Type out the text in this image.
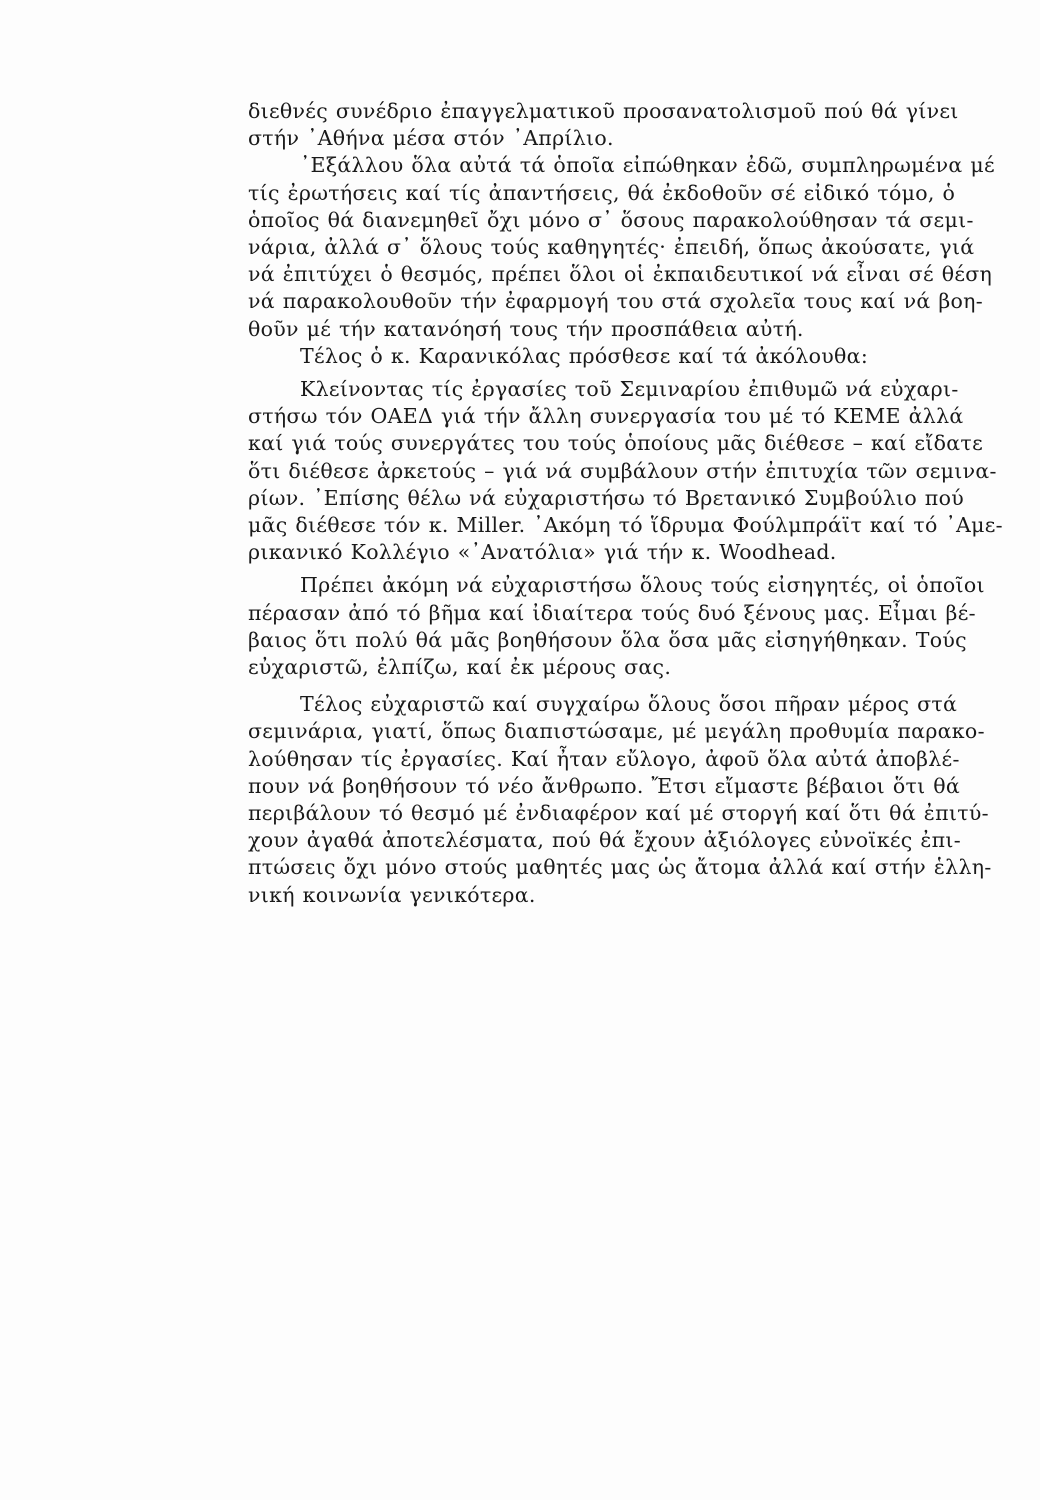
διεθνές συνέδριο ἐπαγγελματικοῦ προσανατολισμοῦ πού θά γίνει
στήν ᾽Αθήνα μέσα στόν ᾽Απρίλιο.
᾽Εξάλλου ὅλα αὐτά τά ὁποῖα εἰπώθηκαν ἐδῶ, συμπληρωμένα μέ
τίς ἐρωτήσεις καί τίς ἀπαντήσεις, θά ἐκδοθοῦν σέ εἰδικό τόμο, ὁ
ὁποῖος θά διανεμηθεῖ ὄχι μόνο σ᾽ ὅσους παρακολούθησαν τά σεμι-
νάρια, ἀλλά σ᾽ ὅλους τούς καθηγητές· ἐπειδή, ὅπως ἀκούσατε, γιά
νά ἐπιτύχει ὁ θεσμός, πρέπει ὅλοι οἱ ἐκπαιδευτικοί νά εἶναι σέ θέση
νά παρακολουθοῦν τήν ἐφαρμογή του στά σχολεῖα τους καί νά βοη-
θοῦν μέ τήν κατανόησή τους τήν προσπάθεια αὐτή.
Τέλος ὁ κ. Καρανικόλας πρόσθεσε καί τά ἀκόλουθα:
Κλείνοντας τίς ἐργασίες τοῦ Σεμιναρίου ἐπιθυμῶ νά εὐχαρι-
στήσω τόν ΟΑΕΔ γιά τήν ἄλλη συνεργασία του μέ τό ΚΕΜΕ ἀλλά
καί γιά τούς συνεργάτες του τούς ὁποίους μᾶς διέθεσε – καί εἴδατε
ὅτι διέθεσε ἀρκετούς – γιά νά συμβάλουν στήν ἐπιτυχία τῶν σεμινα-
ρίων. ᾽Επίσης θέλω νά εὐχαριστήσω τό Βρετανικό Συμβούλιο πού
μᾶς διέθεσε τόν κ. Miller. ᾽Ακόμη τό ἵδρυμα Φούλμπράϊτ καί τό ᾽Αμε-
ρικανικό Κολλέγιο «᾽Ανατόλια» γιά τήν κ. Woodhead.
Πρέπει ἀκόμη νά εὐχαριστήσω ὅλους τούς εἰσηγητές, οἱ ὁποῖοι
πέρασαν ἀπό τό βῆμα καί ἰδιαίτερα τούς δυό ξένους μας. Εἶμαι βέ-
βαιος ὅτι πολύ θά μᾶς βοηθήσουν ὅλα ὅσα μᾶς εἰσηγήθηκαν. Τούς
εὐχαριστῶ, ἐλπίζω, καί ἐκ μέρους σας.
Τέλος εὐχαριστῶ καί συγχαίρω ὅλους ὅσοι πῆραν μέρος στά
σεμινάρια, γιατί, ὅπως διαπιστώσαμε, μέ μεγάλη προθυμία παρακο-
λούθησαν τίς ἐργασίες. Καί ἦταν εὔλογο, ἀφοῦ ὅλα αὐτά ἀποβλέ-
πουν νά βοηθήσουν τό νέο ἄνθρωπο. Ἔτσι εἴμαστε βέβαιοι ὅτι θά
περιβάλουν τό θεσμό μέ ἐνδιαφέρον καί μέ στοργή καί ὅτι θά ἐπιτύ-
χουν ἀγαθά ἀποτελέσματα, πού θά ἔχουν ἀξιόλογες εὐνοϊκές ἐπι-
πτώσεις ὄχι μόνο στούς μαθητές μας ὡς ἄτομα ἀλλά καί στήν ἑλλη-
νική κοινωνία γενικότερα.
